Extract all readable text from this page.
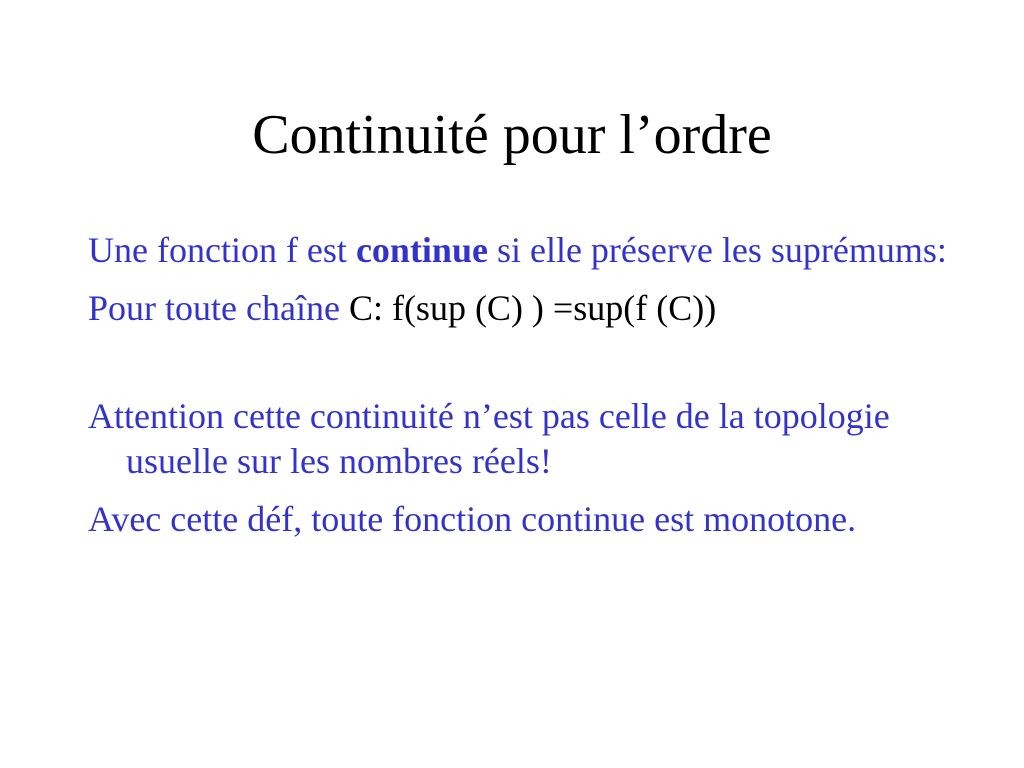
Continuité pour l’ordre

Une fonction f est continue si elle préserve les suprémums:

Pour toute chaîne C: f(sup (C) ) =sup(f (C))

Attention cette continuité n’est pas celle de la topologie usuelle sur les nombres réels!

Avec cette déf, toute fonction continue est monotone.
